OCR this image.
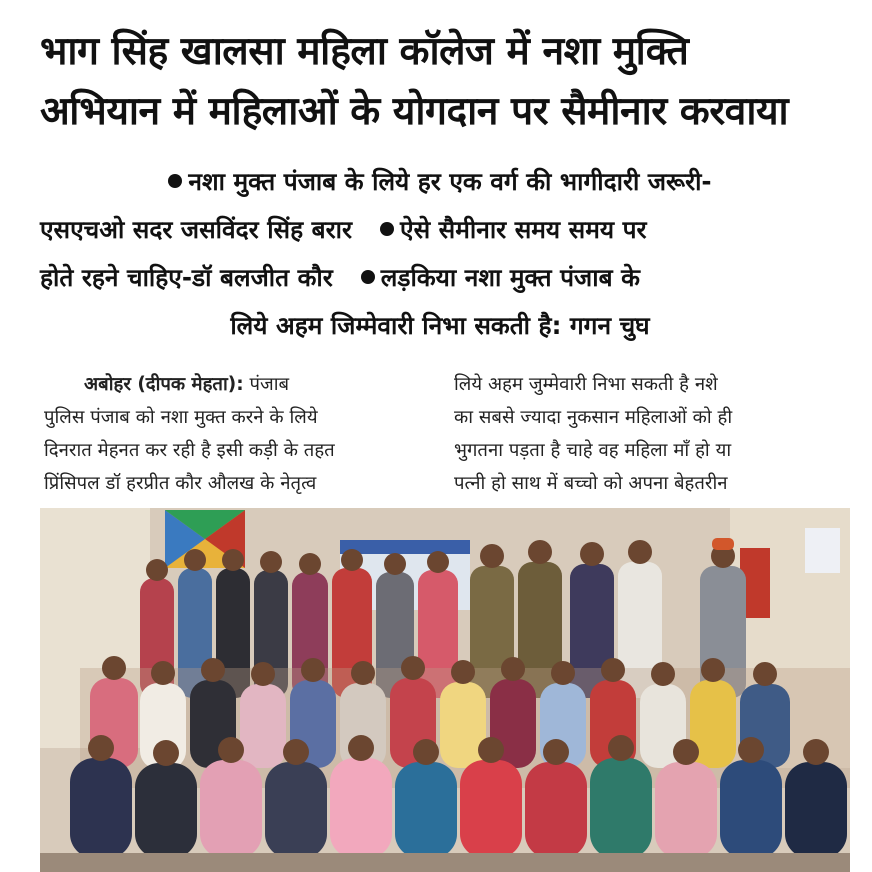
भाग सिंह खालसा महिला कॉलेज में नशा मुक्ति
अभियान में महिलाओं के योगदान पर सैमीनार करवाया
नशा मुक्त पंजाब के लिये हर एक वर्ग की भागीदारी जरूरी-
एसएचओ सदर जसविंदर सिंह बरार ऐसे सैमीनार समय समय पर
होते रहने चाहिए-डॉ बलजीत कौर लड़किया नशा मुक्त पंजाब के
लिये अहम जिम्मेवारी निभा सकती है: गगन चुघ
अबोहर (दीपक मेहता): पंजाब
पुलिस पंजाब को नशा मुक्त करने के लिये
दिनरात मेहनत कर रही है इसी कड़ी के तहत
प्रिंसिपल डॉ हरप्रीत कौर औलख के नेतृत्व
लिये अहम जुम्मेवारी निभा सकती है नशे
का सबसे ज्यादा नुकसान महिलाओं को ही
भुगतना पड़ता है चाहे वह महिला माँ हो या
पत्नी हो साथ में बच्चो को अपना बेहतरीन
